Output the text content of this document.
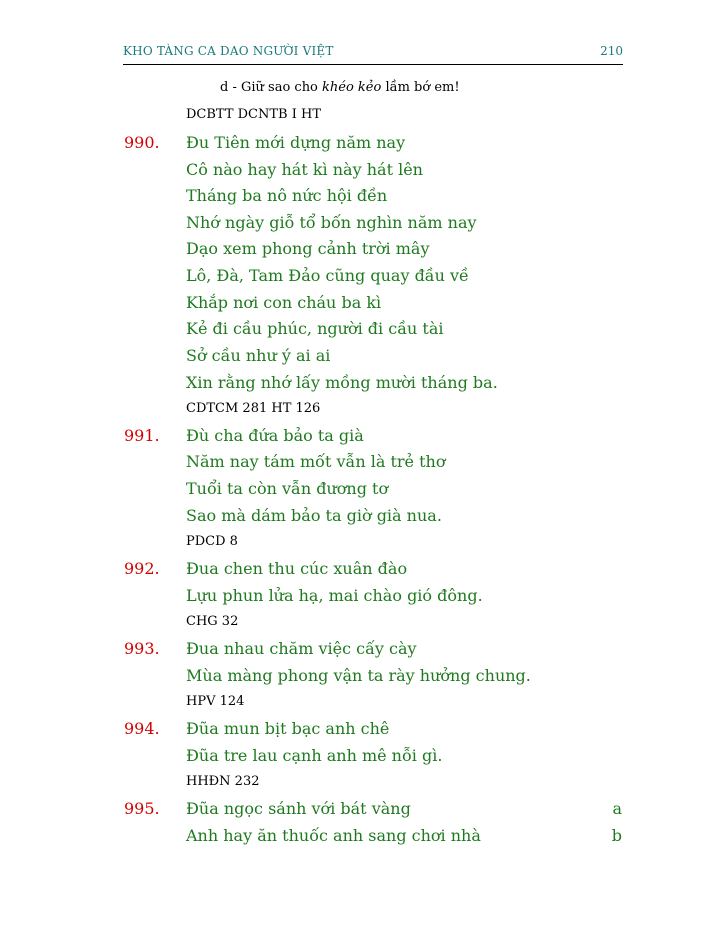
KHO TÀNG CA DAO NGƯỜI VIỆT	210
d - Giữ sao cho khéo kẻo lầm bớ em!
DCBTT DCNTB I HT
990. Đu Tiên mới dựng năm nay
Cô nào hay hát kì này hát lên
Tháng ba nô nức hội đền
Nhớ ngày giỗ tổ bốn nghìn năm nay
Dạo xem phong cảnh trời mây
Lô, Đà, Tam Đảo cũng quay đầu về
Khắp nơi con cháu ba kì
Kẻ đi cầu phúc, người đi cầu tài
Sở cầu như ý ai ai
Xin rằng nhớ lấy mồng mười tháng ba.
CDTCM 281 HT 126
991. Đù cha đứa bảo ta già
Năm nay tám mốt vẫn là trẻ thơ
Tuổi ta còn vẫn đương tơ
Sao mà dám bảo ta giờ già nua.
PDCD 8
992. Đua chen thu cúc xuân đào
Lựu phun lửa hạ, mai chào gió đông.
CHG 32
993. Đua nhau chăm việc cấy cày
Mùa màng phong vận ta rày hưởng chung.
HPV 124
994. Đũa mun bịt bạc anh chê
Đũa tre lau cạnh anh mê nỗi gì.
HHĐN 232
995. Đũa ngọc sánh với bát vàng	a
Anh hay ăn thuốc anh sang chơi nhà	b
